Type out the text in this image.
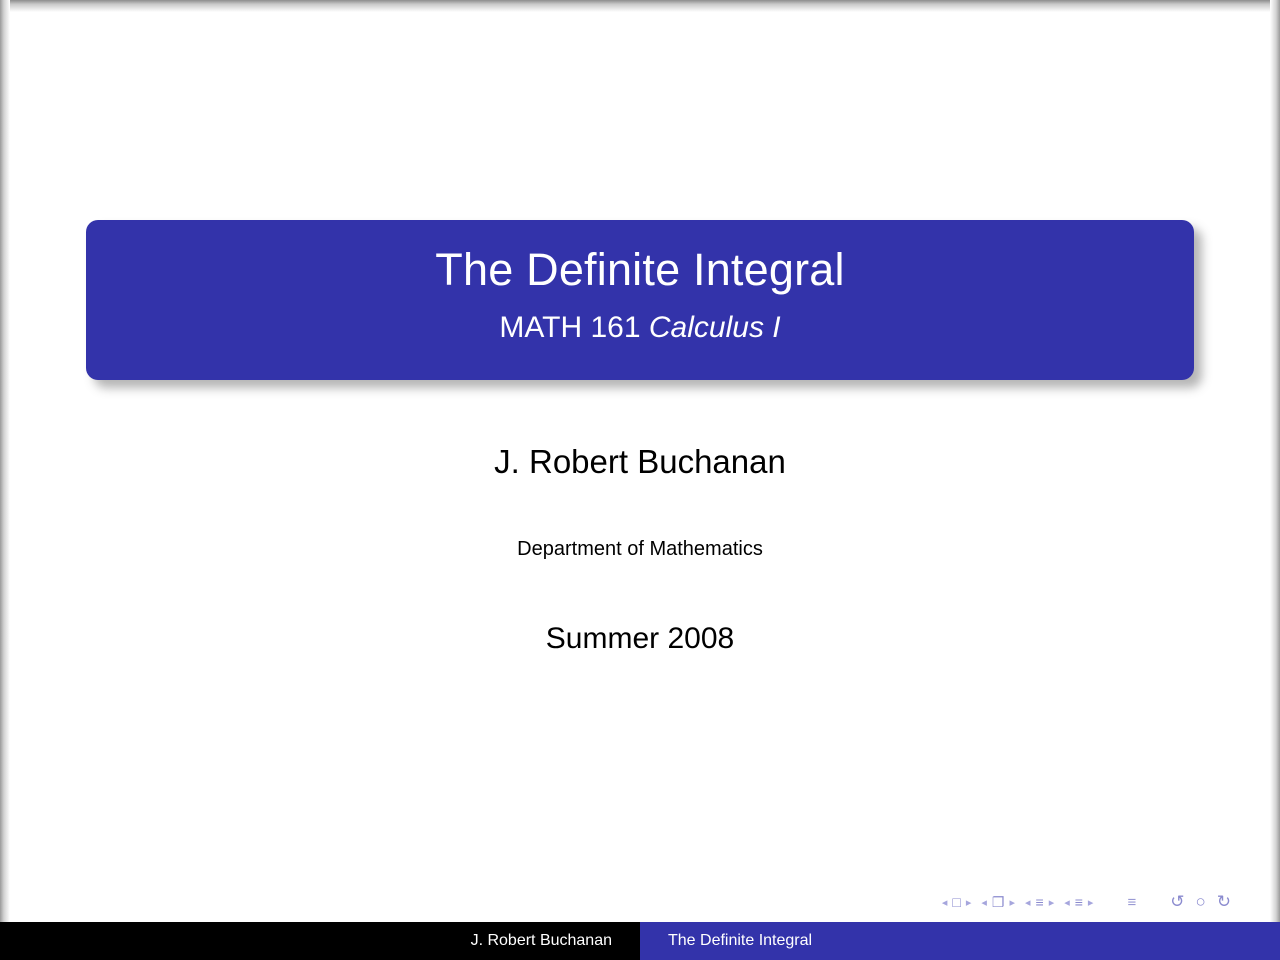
The Definite Integral
MATH 161 Calculus I
J. Robert Buchanan
Department of Mathematics
Summer 2008
◂ □ ▸ ◂ ❐ ▸ ◂ ≡ ▸ ◂ ≡ ▸ ≡ ↺ ○ ↻
J. Robert Buchanan	The Definite Integral
